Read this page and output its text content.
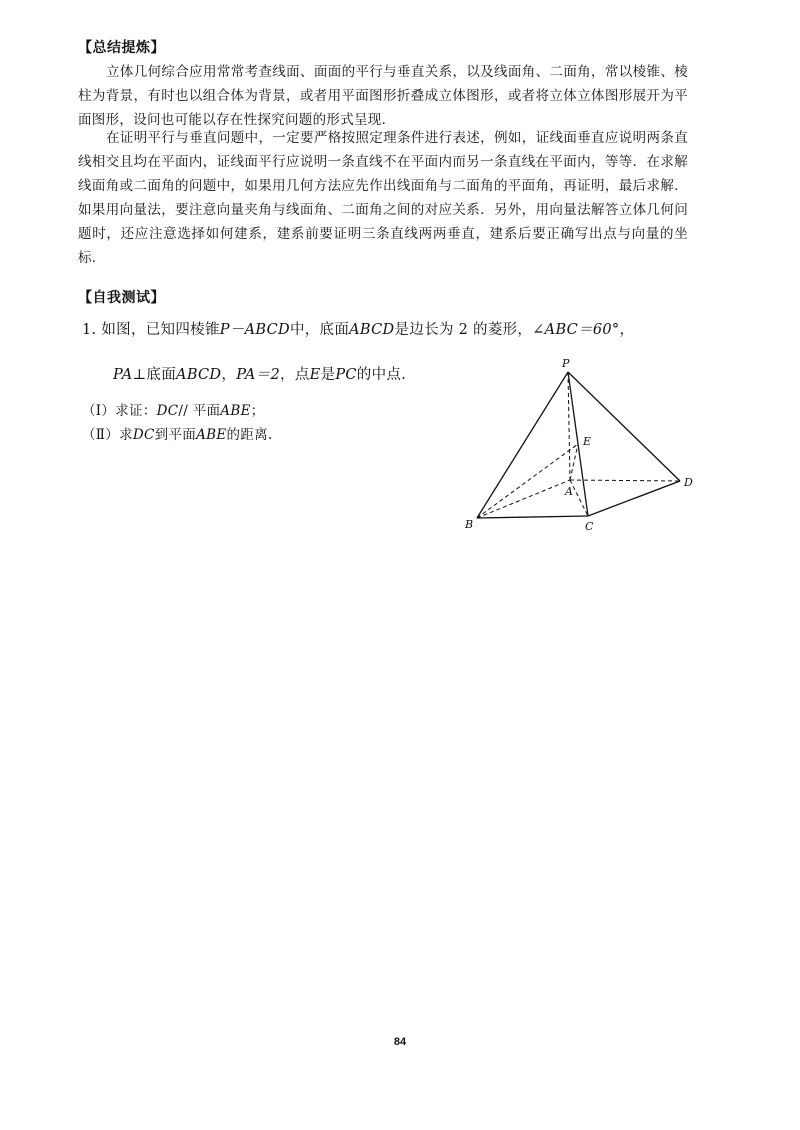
【总结提炼】

立体几何综合应用常常考查线面、面面的平行与垂直关系，以及线面角、二面角，常以棱锥、棱柱为背景，有时也以组合体为背景，或者用平面图形折叠成立体图形，或者将立体立体图形展开为平面图形，设问也可能以存在性探究问题的形式呈现．

在证明平行与垂直问题中，一定要严格按照定理条件进行表述，例如，证线面垂直应说明两条直线相交且均在平面内，证线面平行应说明一条直线不在平面内而另一条直线在平面内，等等．在求解线面角或二面角的问题中，如果用几何方法应先作出线面角与二面角的平面角，再证明，最后求解．如果用向量法，要注意向量夹角与线面角、二面角之间的对应关系．另外，用向量法解答立体几何问题时，还应注意选择如何建系，建系前要证明三条直线两两垂直，建系后要正确写出点与向量的坐标．

【自我测试】
1. 如图，已知四棱锥P－ABCD中，底面ABCD是边长为 2 的菱形，∠ABC＝60°，
PA⊥底面ABCD，PA＝2，点E是PC的中点.
（Ⅰ）求证：DC// 平面ABE；
（Ⅱ）求DC到平面ABE的距离.
P
E
A
D
B	C
84
